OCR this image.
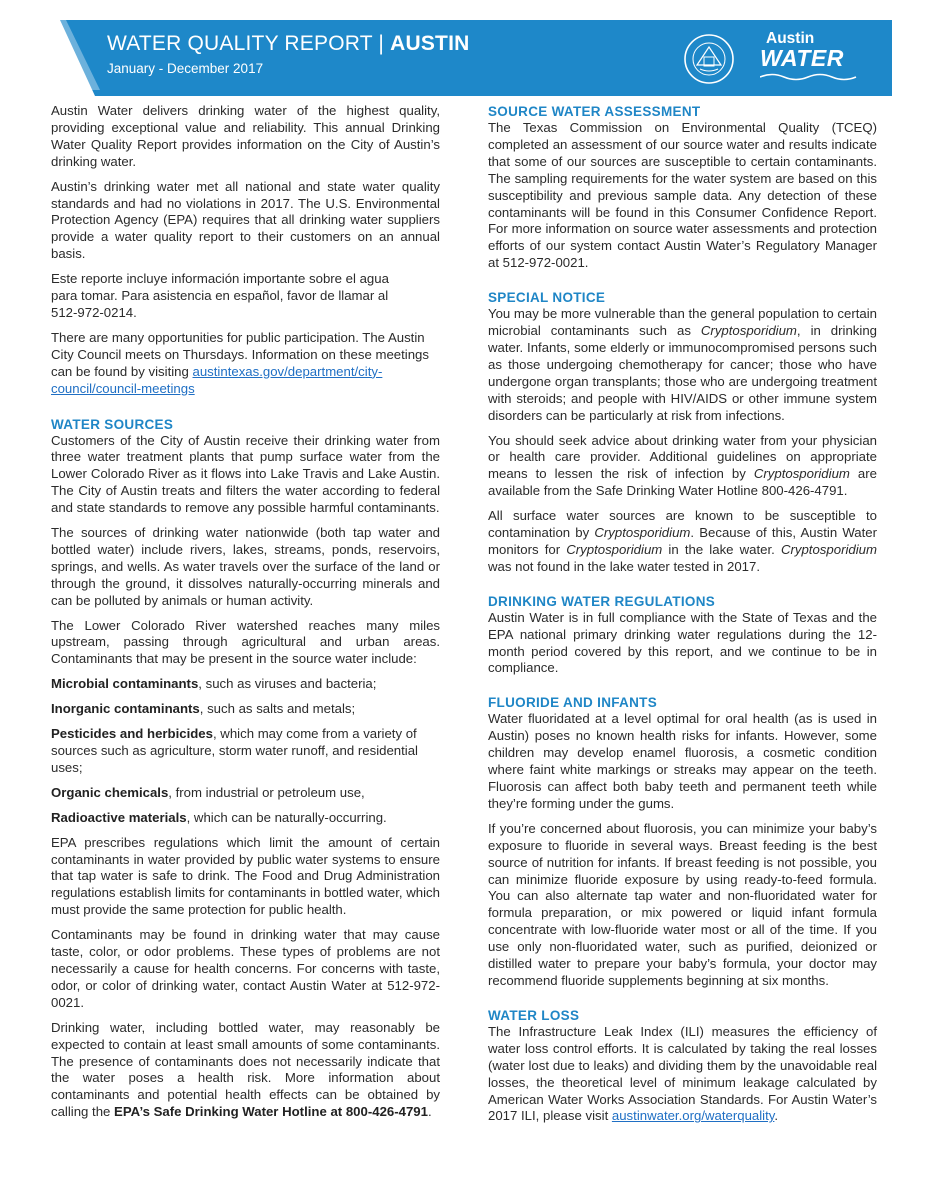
WATER QUALITY REPORT | AUSTIN
January - December 2017
Austin
WATER

Austin Water delivers drinking water of the highest quality, providing exceptional value and reliability. This annual Drinking Water Quality Report provides information on the City of Austin’s drinking water.

Austin’s drinking water met all national and state water quality standards and had no violations in 2017. The U.S. Environmental Protection Agency (EPA) requires that all drinking water suppliers provide a water quality report to their customers on an annual basis.

Este reporte incluye información importante sobre el agua
para tomar. Para asistencia en español, favor de llamar al
512-972-0214.

There are many opportunities for public participation. The Austin City Council meets on Thursdays. Information on these meetings can be found by visiting austintexas.gov/department/city-council/council-meetings

WATER SOURCES

Customers of the City of Austin receive their drinking water from three water treatment plants that pump surface water from the Lower Colorado River as it flows into Lake Travis and Lake Austin. The City of Austin treats and filters the water according to federal and state standards to remove any possible harmful contaminants.

The sources of drinking water nationwide (both tap water and bottled water) include rivers, lakes, streams, ponds, reservoirs, springs, and wells. As water travels over the surface of the land or through the ground, it dissolves naturally-occurring minerals and can be polluted by animals or human activity.

The Lower Colorado River watershed reaches many miles upstream, passing through agricultural and urban areas. Contaminants that may be present in the source water include:

Microbial contaminants, such as viruses and bacteria;

Inorganic contaminants, such as salts and metals;

Pesticides and herbicides, which may come from a variety of sources such as agriculture, storm water runoff, and residential uses;

Organic chemicals, from industrial or petroleum use,

Radioactive materials, which can be naturally-occurring.

EPA prescribes regulations which limit the amount of certain contaminants in water provided by public water systems to ensure that tap water is safe to drink. The Food and Drug Administration regulations establish limits for contaminants in bottled water, which must provide the same protection for public health.

Contaminants may be found in drinking water that may cause taste, color, or odor problems. These types of problems are not necessarily a cause for health concerns. For concerns with taste, odor, or color of drinking water, contact Austin Water at 512-972-0021.

Drinking water, including bottled water, may reasonably be expected to contain at least small amounts of some contaminants. The presence of contaminants does not necessarily indicate that the water poses a health risk. More information about contaminants and potential health effects can be obtained by calling the EPA’s Safe Drinking Water Hotline at 800-426-4791.

SOURCE WATER ASSESSMENT

The Texas Commission on Environmental Quality (TCEQ) completed an assessment of our source water and results indicate that some of our sources are susceptible to certain contaminants. The sampling requirements for the water system are based on this susceptibility and previous sample data. Any detection of these contaminants will be found in this Consumer Confidence Report. For more information on source water assessments and protection efforts of our system contact Austin Water’s Regulatory Manager at 512-972-0021.

SPECIAL NOTICE

You may be more vulnerable than the general population to certain microbial contaminants such as Cryptosporidium, in drinking water. Infants, some elderly or immunocompromised persons such as those undergoing chemotherapy for cancer; those who have undergone organ transplants; those who are undergoing treatment with steroids; and people with HIV/AIDS or other immune system disorders can be particularly at risk from infections.

You should seek advice about drinking water from your physician or health care provider. Additional guidelines on appropriate means to lessen the risk of infection by Cryptosporidium are available from the Safe Drinking Water Hotline 800-426-4791.

All surface water sources are known to be susceptible to contamination by Cryptosporidium. Because of this, Austin Water monitors for Cryptosporidium in the lake water. Cryptosporidium was not found in the lake water tested in 2017.

DRINKING WATER REGULATIONS

Austin Water is in full compliance with the State of Texas and the EPA national primary drinking water regulations during the 12-month period covered by this report, and we continue to be in compliance.

FLUORIDE AND INFANTS

Water fluoridated at a level optimal for oral health (as is used in Austin) poses no known health risks for infants. However, some children may develop enamel fluorosis, a cosmetic condition where faint white markings or streaks may appear on the teeth. Fluorosis can affect both baby teeth and permanent teeth while they’re forming under the gums.

If you’re concerned about fluorosis, you can minimize your baby’s exposure to fluoride in several ways. Breast feeding is the best source of nutrition for infants. If breast feeding is not possible, you can minimize fluoride exposure by using ready-to-feed formula. You can also alternate tap water and non-fluoridated water for formula preparation, or mix powered or liquid infant formula concentrate with low-fluoride water most or all of the time. If you use only non-fluoridated water, such as purified, deionized or distilled water to prepare your baby’s formula, your doctor may recommend fluoride supplements beginning at six months.

WATER LOSS

The Infrastructure Leak Index (ILI) measures the efficiency of water loss control efforts. It is calculated by taking the real losses (water lost due to leaks) and dividing them by the unavoidable real losses, the theoretical level of minimum leakage calculated by American Water Works Association Standards. For Austin Water’s 2017 ILI, please visit austinwater.org/waterquality.
